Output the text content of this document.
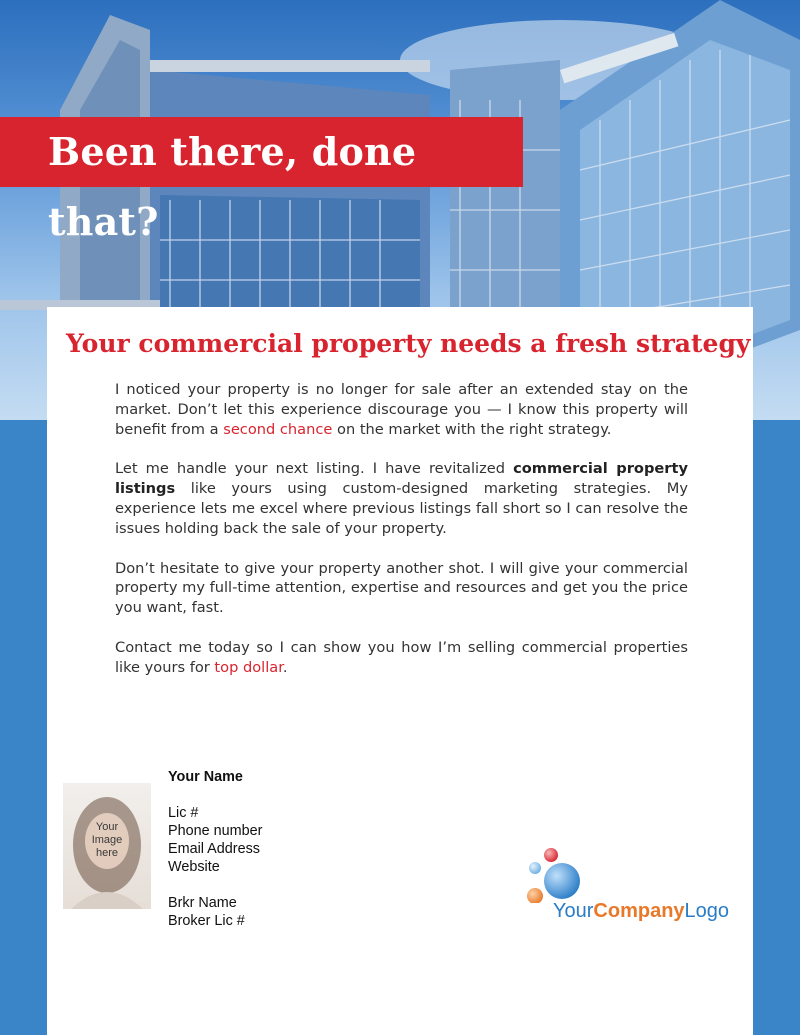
Been there, done that?
Your commercial property needs a fresh strategy

I noticed your property is no longer for sale after an extended stay on the market. Don’t let this experience discourage you — I know this property will benefit from a second chance on the market with the right strategy.

Let me handle your next listing. I have revitalized commercial property listings like yours using custom-designed marketing strategies. My experience lets me excel where previous listings fall short so I can resolve the issues holding back the sale of your property.

Don’t hesitate to give your property another shot. I will give your commercial property my full-time attention, expertise and resources and get you the price you want, fast.

Contact me today so I can show you how I’m selling commercial properties like yours for top dollar.

Your
Image
here
Your Name
Lic #
Phone number
Email Address
Website
Brkr Name
Broker Lic #	YourCompanyLogo
